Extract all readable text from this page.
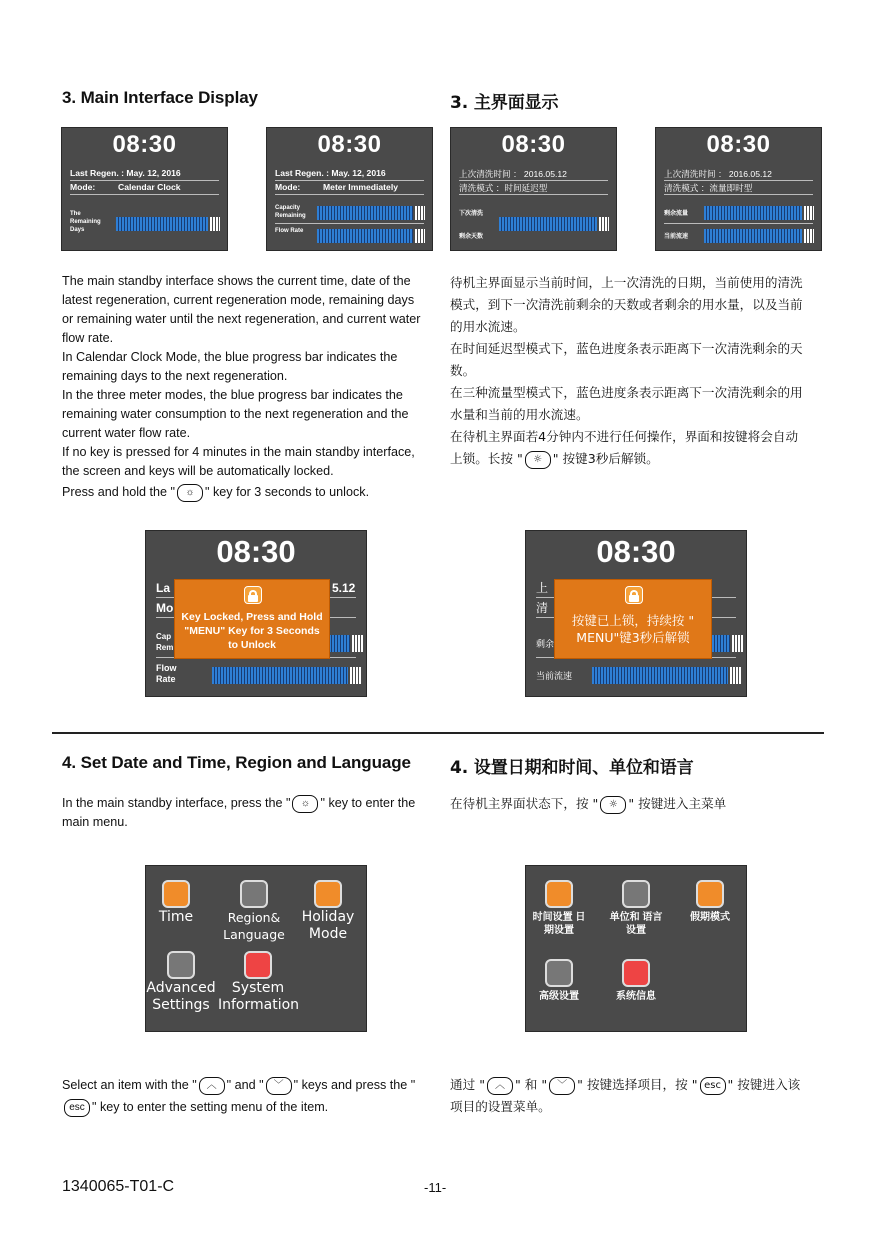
3. Main Interface Display	3. 主界面显示
08:30
Last Regen. : May. 12, 2016
Mode:	Calendar Clock
The Remaining Days
08:30
Last Regen. : May. 12, 2016
Mode:	Meter Immediately
Capacity Remaining
Flow Rate
08:30
上次清洗时间 ： 2016.05.12
清洗模式 ：时间延迟型
下次清洗
剩余天数
08:30
上次清洗时间 ： 2016.05.12
清洗模式 ：流量即时型
剩余流量
当前流速

The main standby interface shows the current time, date of the latest regeneration, current regeneration mode, remaining days or remaining water until the next regeneration, and current water flow rate.

In Calendar Clock Mode, the blue progress bar indicates the remaining days to the next regeneration.

In the three meter modes, the blue progress bar indicates the remaining water consumption to the next regeneration and the current water flow rate.

If no key is pressed for 4 minutes in the main standby interface, the screen and keys will be automatically locked.

Press and hold the " ☼ " key for 3 seconds to unlock.

待机主界面显示当前时间，上一次清洗的日期，当前使用的清洗模式，到下一次清洗前剩余的天数或者剩余的用水量，以及当前的用水流速。

在时间延迟型模式下，蓝色进度条表示距离下一次清洗剩余的天数。

在三种流量型模式下，蓝色进度条表示距离下一次清洗剩余的用水量和当前的用水流速。

在待机主界面若4分钟内不进行任何操作，界面和按键将会自动上锁。长按 " ☼ " 按键3秒后解锁。

08:30
La	5.12
Mo
Cap Rem
Flow Rate
Key Locked, Press and Hold "MENU" Key for 3 Seconds to Unlock
08:30
上
清
剩余
当前流速
按键已上锁，持续按 " MENU"键3秒后解锁
4. Set Date and Time, Region and Language 4. 设置日期和时间、单位和语言

In the main standby interface, press the " ☼ " key to enter the main menu.

在待机主界面状态下，按 " ☼ " 按键进入主菜单

Time	Region& Language
Holiday Mode
Advanced Settings
System Information
时间设置 日期设置
单位和 语言设置
假期模式
高级设置	系统信息

Select an item with the " ︿ " and " ﹀ " keys and press the "esc " key to enter the setting menu of the item.

通过 " ︿ " 和 " ﹀ " 按键选择项目，按 " esc " 按键进入该项目的设置菜单。

1340065-T01-C	-11-
